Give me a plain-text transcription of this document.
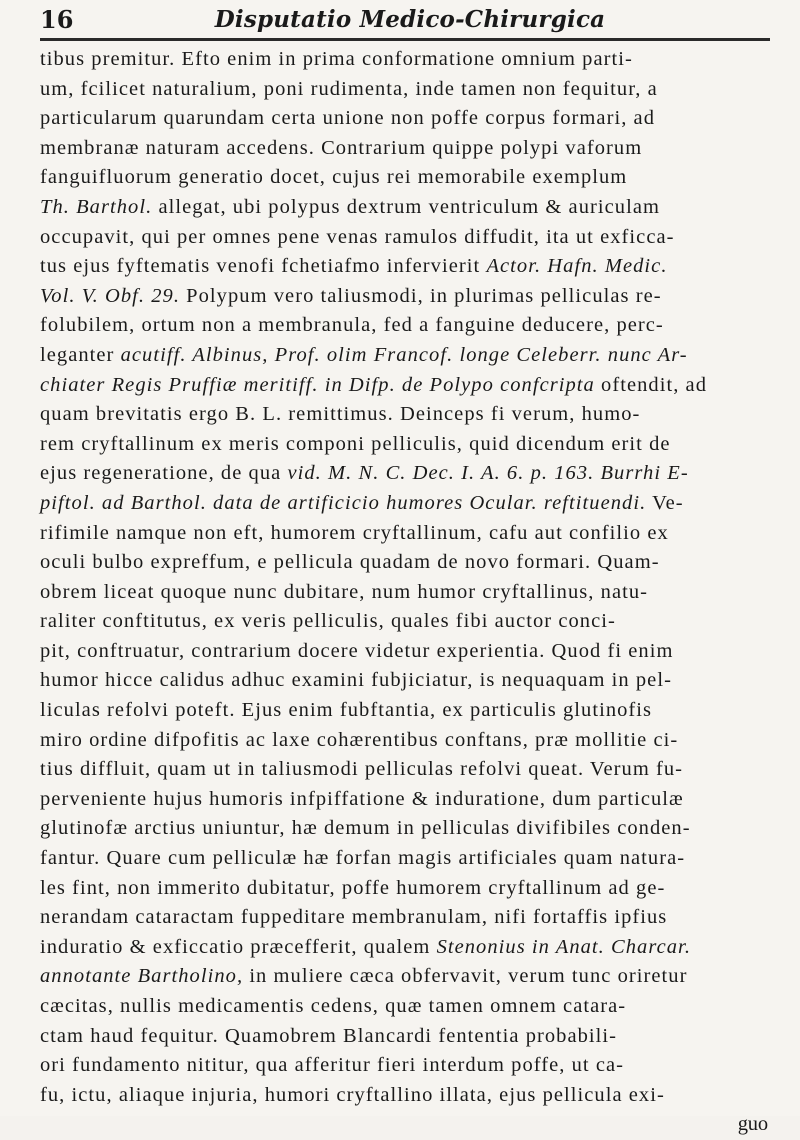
16	Disputatio Medico-Chirurgica
tibus premitur. Efto enim in prima conformatione omnium parti-
um, fcilicet naturalium, poni rudimenta, inde tamen non fequitur, a
particularum quarundam certa unione non poffe corpus formari, ad
membranæ naturam accedens. Contrarium quippe polypi vaforum
fanguifluorum generatio docet, cujus rei memorabile exemplum
Th. Barthol. allegat, ubi polypus dextrum ventriculum & auriculam
occupavit, qui per omnes pene venas ramulos diffudit, ita ut exficca-
tus ejus fyftematis venofi fchetiafmo infervierit Actor. Hafn. Medic.
Vol. V. Obf. 29. Polypum vero taliusmodi, in plurimas pelliculas re-
folubilem, ortum non a membranula, fed a fanguine deducere, perc-
leganter acutiff. Albinus, Prof. olim Francof. longe Celeberr. nunc Ar-
chiater Regis Pruffiæ meritiff. in Difp. de Polypo confcripta oftendit, ad
quam brevitatis ergo B. L. remittimus. Deinceps fi verum, humo-
rem cryftallinum ex meris componi pelliculis, quid dicendum erit de
ejus regeneratione, de qua vid. M. N. C. Dec. I. A. 6. p. 163. Burrhi E-
piftol. ad Barthol. data de artificicio humores Ocular. reftituendi. Ve-
rifimile namque non eft, humorem cryftallinum, cafu aut confilio ex
oculi bulbo expreffum, e pellicula quadam de novo formari. Quam-
obrem liceat quoque nunc dubitare, num humor cryftallinus, natu-
raliter conftitutus, ex veris pelliculis, quales fibi auctor conci-
pit, conftruatur, contrarium docere videtur experientia. Quod fi enim
humor hicce calidus adhuc examini fubjiciatur, is nequaquam in pel-
liculas refolvi poteft. Ejus enim fubftantia, ex particulis glutinofis
miro ordine difpofitis ac laxe cohærentibus conftans, præ mollitie ci-
tius diffluit, quam ut in taliusmodi pelliculas refolvi queat. Verum fu-
perveniente hujus humoris infpiffatione & induratione, dum particulæ
glutinofæ arctius uniuntur, hæ demum in pelliculas divifibiles conden-
fantur. Quare cum pelliculæ hæ forfan magis artificiales quam natura-
les fint, non immerito dubitatur, poffe humorem cryftallinum ad ge-
nerandam cataractam fuppeditare membranulam, nifi fortaffis ipfius
induratio & exficcatio præcefferit, qualem Stenonius in Anat. Charcar.
annotante Bartholino, in muliere cæca obfervavit, verum tunc oriretur
cæcitas, nullis medicamentis cedens, quæ tamen omnem catara-
ctam haud fequitur. Quamobrem Blancardi fententia probabili-
ori fundamento nititur, qua afferitur fieri interdum poffe, ut ca-
fu, ictu, aliaque injuria, humori cryftallino illata, ejus pellicula exi-
guo
